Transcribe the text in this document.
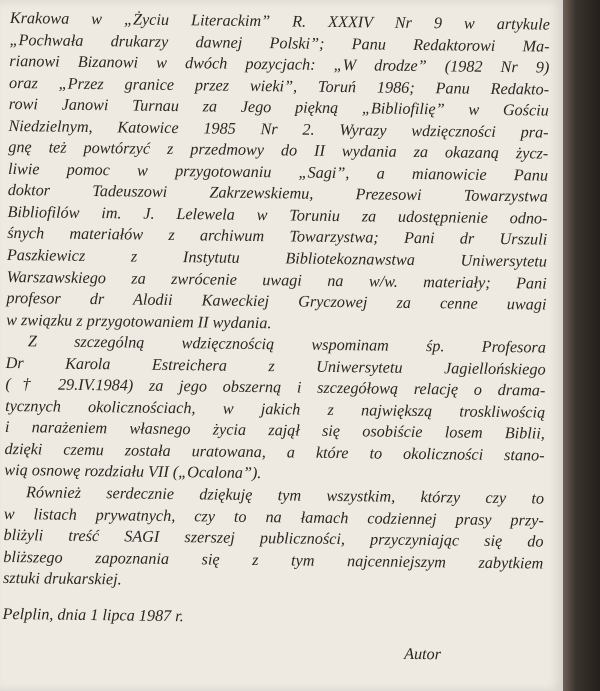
Krakowa w „Życiu Literackim” R. XXXIV Nr 9 w artykule
„Pochwała drukarzy dawnej Polski”; Panu Redaktorowi Ma-
rianowi Bizanowi w dwóch pozycjach: „W drodze” (1982 Nr 9)
oraz „Przez granice przez wieki”, Toruń 1986; Panu Redakto-
rowi Janowi Turnau za Jego piękną „Bibliofilię” w Gościu
Niedzielnym, Katowice 1985 Nr 2. Wyrazy wdzięczności pra-
gnę też powtórzyć z przedmowy do II wydania za okazaną życz-
liwie pomoc w przygotowaniu „Sagi”, a mianowicie Panu
doktor Tadeuszowi Zakrzewskiemu, Prezesowi Towarzystwa
Bibliofilów im. J. Lelewela w Toruniu za udostępnienie odno-
śnych materiałów z archiwum Towarzystwa; Pani dr Urszuli
Paszkiewicz z Instytutu Bibliotekoznawstwa Uniwersytetu
Warszawskiego za zwrócenie uwagi na w/w. materiały; Pani
profesor dr Alodii Kaweckiej Gryczowej za cenne uwagi
w związku z przygotowaniem II wydania.
Z szczególną wdzięcznością wspominam śp. Profesora
Dr Karola Estreichera z Uniwersytetu Jagiellońskiego
(† 29.IV.1984) za jego obszerną i szczegółową relację o drama-
tycznych okolicznościach, w jakich z największą troskliwością
i narażeniem własnego życia zajął się osobiście losem Biblii,
dzięki czemu została uratowana, a które to okoliczności stano-
wią osnowę rozdziału VII („Ocalona”).
Również serdecznie dziękuję tym wszystkim, którzy czy to
w listach prywatnych, czy to na łamach codziennej prasy przy-
bliżyli treść SAGI szerszej publiczności, przyczyniając się do
bliższego zapoznania się z tym najcenniejszym zabytkiem
sztuki drukarskiej.
Pelplin, dnia 1 lipca 1987 r.
Autor
